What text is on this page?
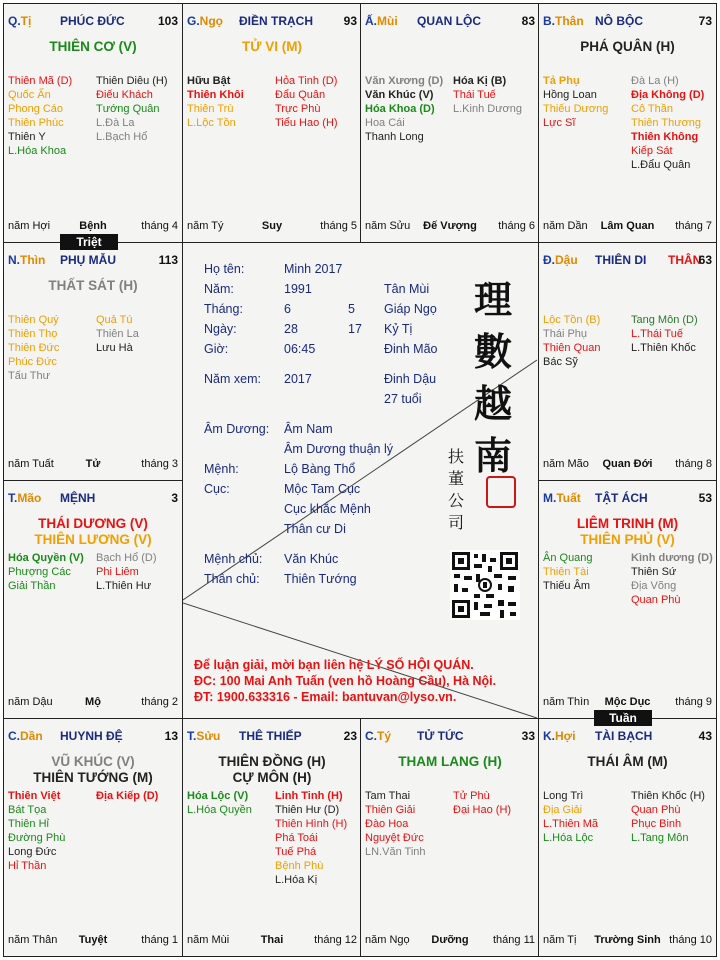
Họ tên:	Minh 2017
Năm:	1991	Tân Mùi
Tháng:	6	5 Giáp Ngọ
Ngày:	28	17 Kỷ Tị
Giờ:	06:45	Đinh Mão
Năm xem: 2017	Đinh Dậu
27 tuổi
Âm Dương: Âm Nam
Âm Dương thuận lý
Mệnh:	Lộ Bàng Thổ
Cục:	Mộc Tam Cục
Cục khắc Mệnh
Thân cư Di
Mệnh chủ: Văn Khúc
Thân chủ: Thiên Tướng
理
數
越
南
扶
董
公
司
Để luận giải, mời bạn liên hệ LÝ SỐ HỘI QUÁN.
ĐC: 100 Mai Anh Tuấn (ven hồ Hoàng Cầu), Hà Nội.
ĐT: 1900.633316 - Email: bantuvan@lyso.vn.
Q.Tị PHÚC ĐỨC	103
THIÊN CƠ (V)
Thiên Mã (D)
Quốc Ấn
Phong Cáo
Thiên Phúc
Thiên Y
L.Hóa Khoa
Thiên Diêu (H)
Điếu Khách
Tướng Quân
L.Đà La
L.Bạch Hổ
năm Hợi	Bệnh	tháng 4
G.Ngọ ĐIỀN TRẠCH	93
TỬ VI (M)
Hữu Bật
Thiên Khôi
Thiên Trù
L.Lộc Tồn
Hỏa Tinh (D)
Đẩu Quân
Trực Phù
Tiểu Hao (H)
năm Tý	Suy	tháng 5
Ấ.Mùi QUAN LỘC	83
Văn Xương (D)
Văn Khúc (V)
Hóa Khoa (D)
Hoa Cái
Thanh Long
Hóa Kị (B)
Thái Tuế
L.Kinh Dương
năm Sửu	Đế Vượng	tháng 6
B.Thân NÔ BỘC	73
PHÁ QUÂN (H)
Tả Phụ
Hồng Loan
Thiếu Dương
Lực Sĩ
Đà La (H)
Địa Không (D)
Cô Thần
Thiên Thương
Thiên Không
Kiếp Sát
L.Đẩu Quân
năm Dần	Lâm Quan	tháng 7
N.Thìn PHỤ MẪU	113
THẤT SÁT (H)
Thiên Quý
Thiên Thọ
Thiên Đức
Phúc Đức
Tấu Thư
Quả Tú
Thiên La
Lưu Hà
năm Tuất	Tử	tháng 3
Đ.Dậu THIÊN DI THÂN
63
Lộc Tồn (B)
Thái Phụ
Thiên Quan
Bác Sỹ
Tang Môn (D)
L.Thái Tuế
L.Thiên Khốc
năm Mão	Quan Đới	tháng 8
T.Mão MỆNH	3
THÁI DƯƠNG (V)
THIÊN LƯƠNG (V)
Hóa Quyền (V)
Phượng Các
Giải Thần
Bạch Hổ (D)
Phi Liêm
L.Thiên Hư
năm Dậu	Mộ	tháng 2
M.Tuất TẬT ÁCH	53
LIÊM TRINH (M)
THIÊN PHỦ (V)
Ân Quang
Thiên Tài
Thiếu Âm
Kình dương (D)
Thiên Sứ
Địa Võng
Quan Phù
năm Thìn	Mộc Dục	tháng 9
C.Dần HUYNH ĐỆ	13
VŨ KHÚC (V)
THIÊN TƯỚNG (M)
Thiên Việt
Bát Tọa
Thiên Hỉ
Đường Phù
Long Đức
Hỉ Thần
Địa Kiếp (D)
năm Thân	Tuyệt	tháng 1
T.Sửu THÊ THIẾP	23
THIÊN ĐỒNG (H)
CỰ MÔN (H)
Hóa Lộc (V)
L.Hóa Quyền
Linh Tinh (H)
Thiên Hư (D)
Thiên Hình (H)
Phá Toái
Tuế Phá
Bệnh Phù
L.Hóa Kị
năm Mùi	Thai	tháng 12
C.Tý TỬ TỨC	33
THAM LANG (H)
Tam Thai
Thiên Giải
Đào Hoa
Nguyệt Đức
LN.Văn Tinh
Tử Phù
Đại Hao (H)
năm Ngọ	Dưỡng	tháng 11
K.Hợi TÀI BẠCH	43
THÁI ÂM (M)
Long Trì
Địa Giải
L.Thiên Mã
L.Hóa Lộc
Thiên Khốc (H)
Quan Phù
Phục Binh
L.Tang Môn
năm Tị	Trường Sinh tháng 10
Triệt
Tuần
